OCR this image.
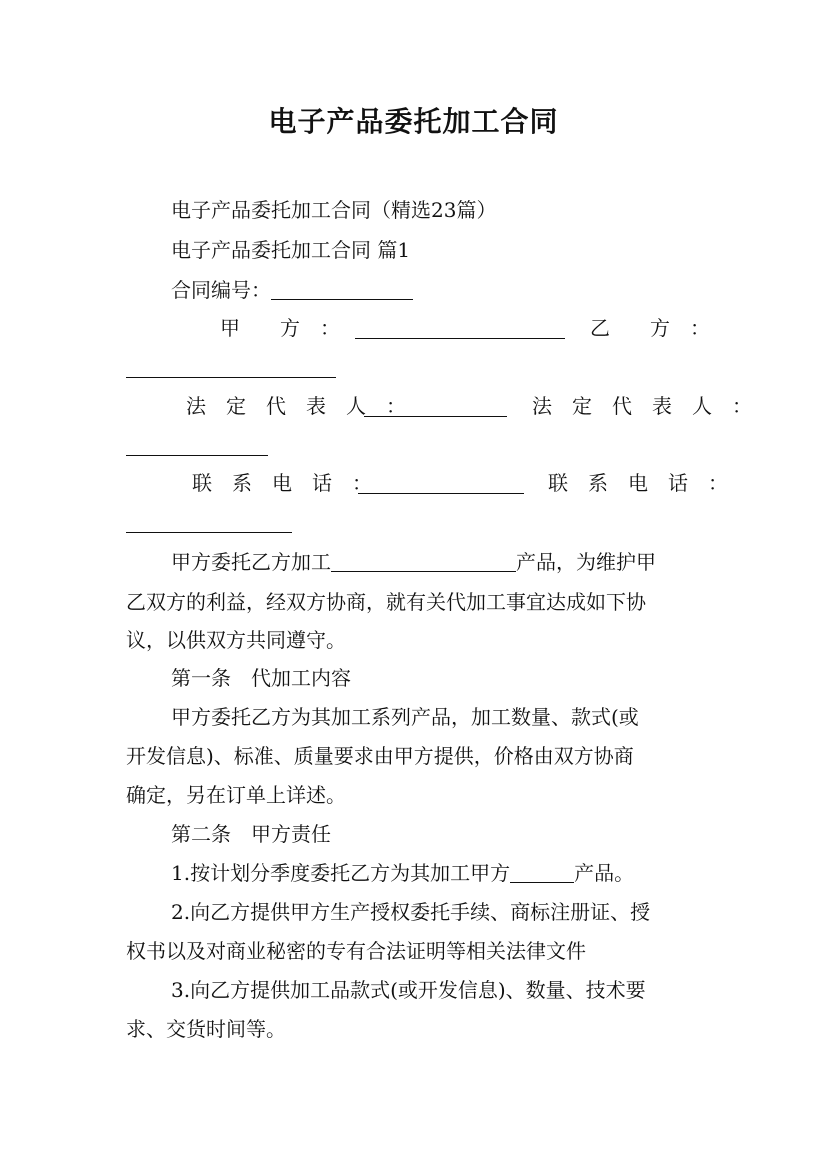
电子产品委托加工合同
电子产品委托加工合同（精选23篇）
电子产品委托加工合同 篇1
合同编号：
甲　　方　：	乙　　方　：
法　定　代　表　人　：	法　定　代　表　人　：
联　系　电　话　：	联　系　电　话　：
甲方委托乙方加工	产品，为维护甲
乙双方的利益，经双方协商，就有关代加工事宜达成如下协
议，以供双方共同遵守。
第一条　代加工内容
甲方委托乙方为其加工系列产品，加工数量、款式(或
开发信息)、标准、质量要求由甲方提供，价格由双方协商
确定，另在订单上详述。
第二条　甲方责任
1.按计划分季度委托乙方为其加工甲方	产品。
2.向乙方提供甲方生产授权委托手续、商标注册证、授
权书以及对商业秘密的专有合法证明等相关法律文件
3.向乙方提供加工品款式(或开发信息)、数量、技术要
求、交货时间等。
